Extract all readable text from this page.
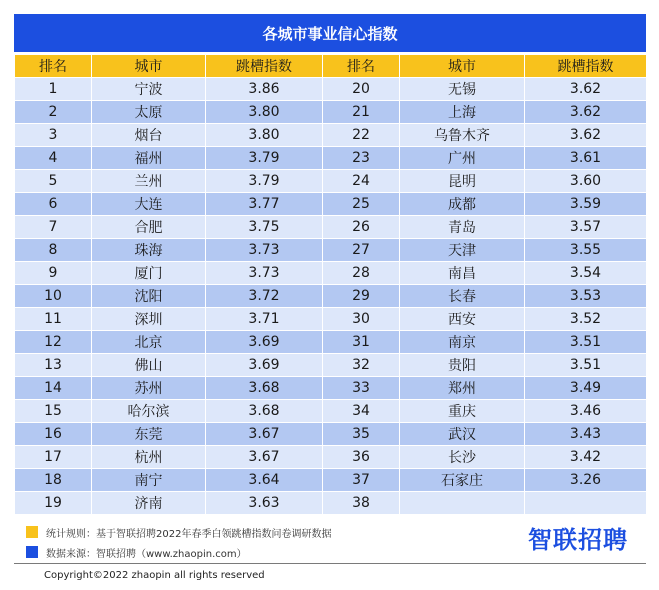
各城市事业信心指数
排名	城市	跳槽指数	排名	城市	跳槽指数
1	宁波	3.86	20	无锡	3.62
2	太原	3.80	21	上海	3.62
3	烟台	3.80	22	乌鲁木齐	3.62
4	福州	3.79	23	广州	3.61
5	兰州	3.79	24	昆明	3.60
6	大连	3.77	25	成都	3.59
7	合肥	3.75	26	青岛	3.57
8	珠海	3.73	27	天津	3.55
9	厦门	3.73	28	南昌	3.54
10	沈阳	3.72	29	长春	3.53
11	深圳	3.71	30	西安	3.52
12	北京	3.69	31	南京	3.51
13	佛山	3.69	32	贵阳	3.51
14	苏州	3.68	33	郑州	3.49
15	哈尔滨	3.68	34	重庆	3.46
16	东莞	3.67	35	武汉	3.43
17	杭州	3.67	36	长沙	3.42
18	南宁	3.64	37	石家庄	3.26
19	济南	3.63	38		
统计规则：基于智联招聘2022年春季白领跳槽指数问卷调研数据
数据来源：智联招聘（www.zhaopin.com）	智联招聘
Copyright©2022 zhaopin all rights reserved
